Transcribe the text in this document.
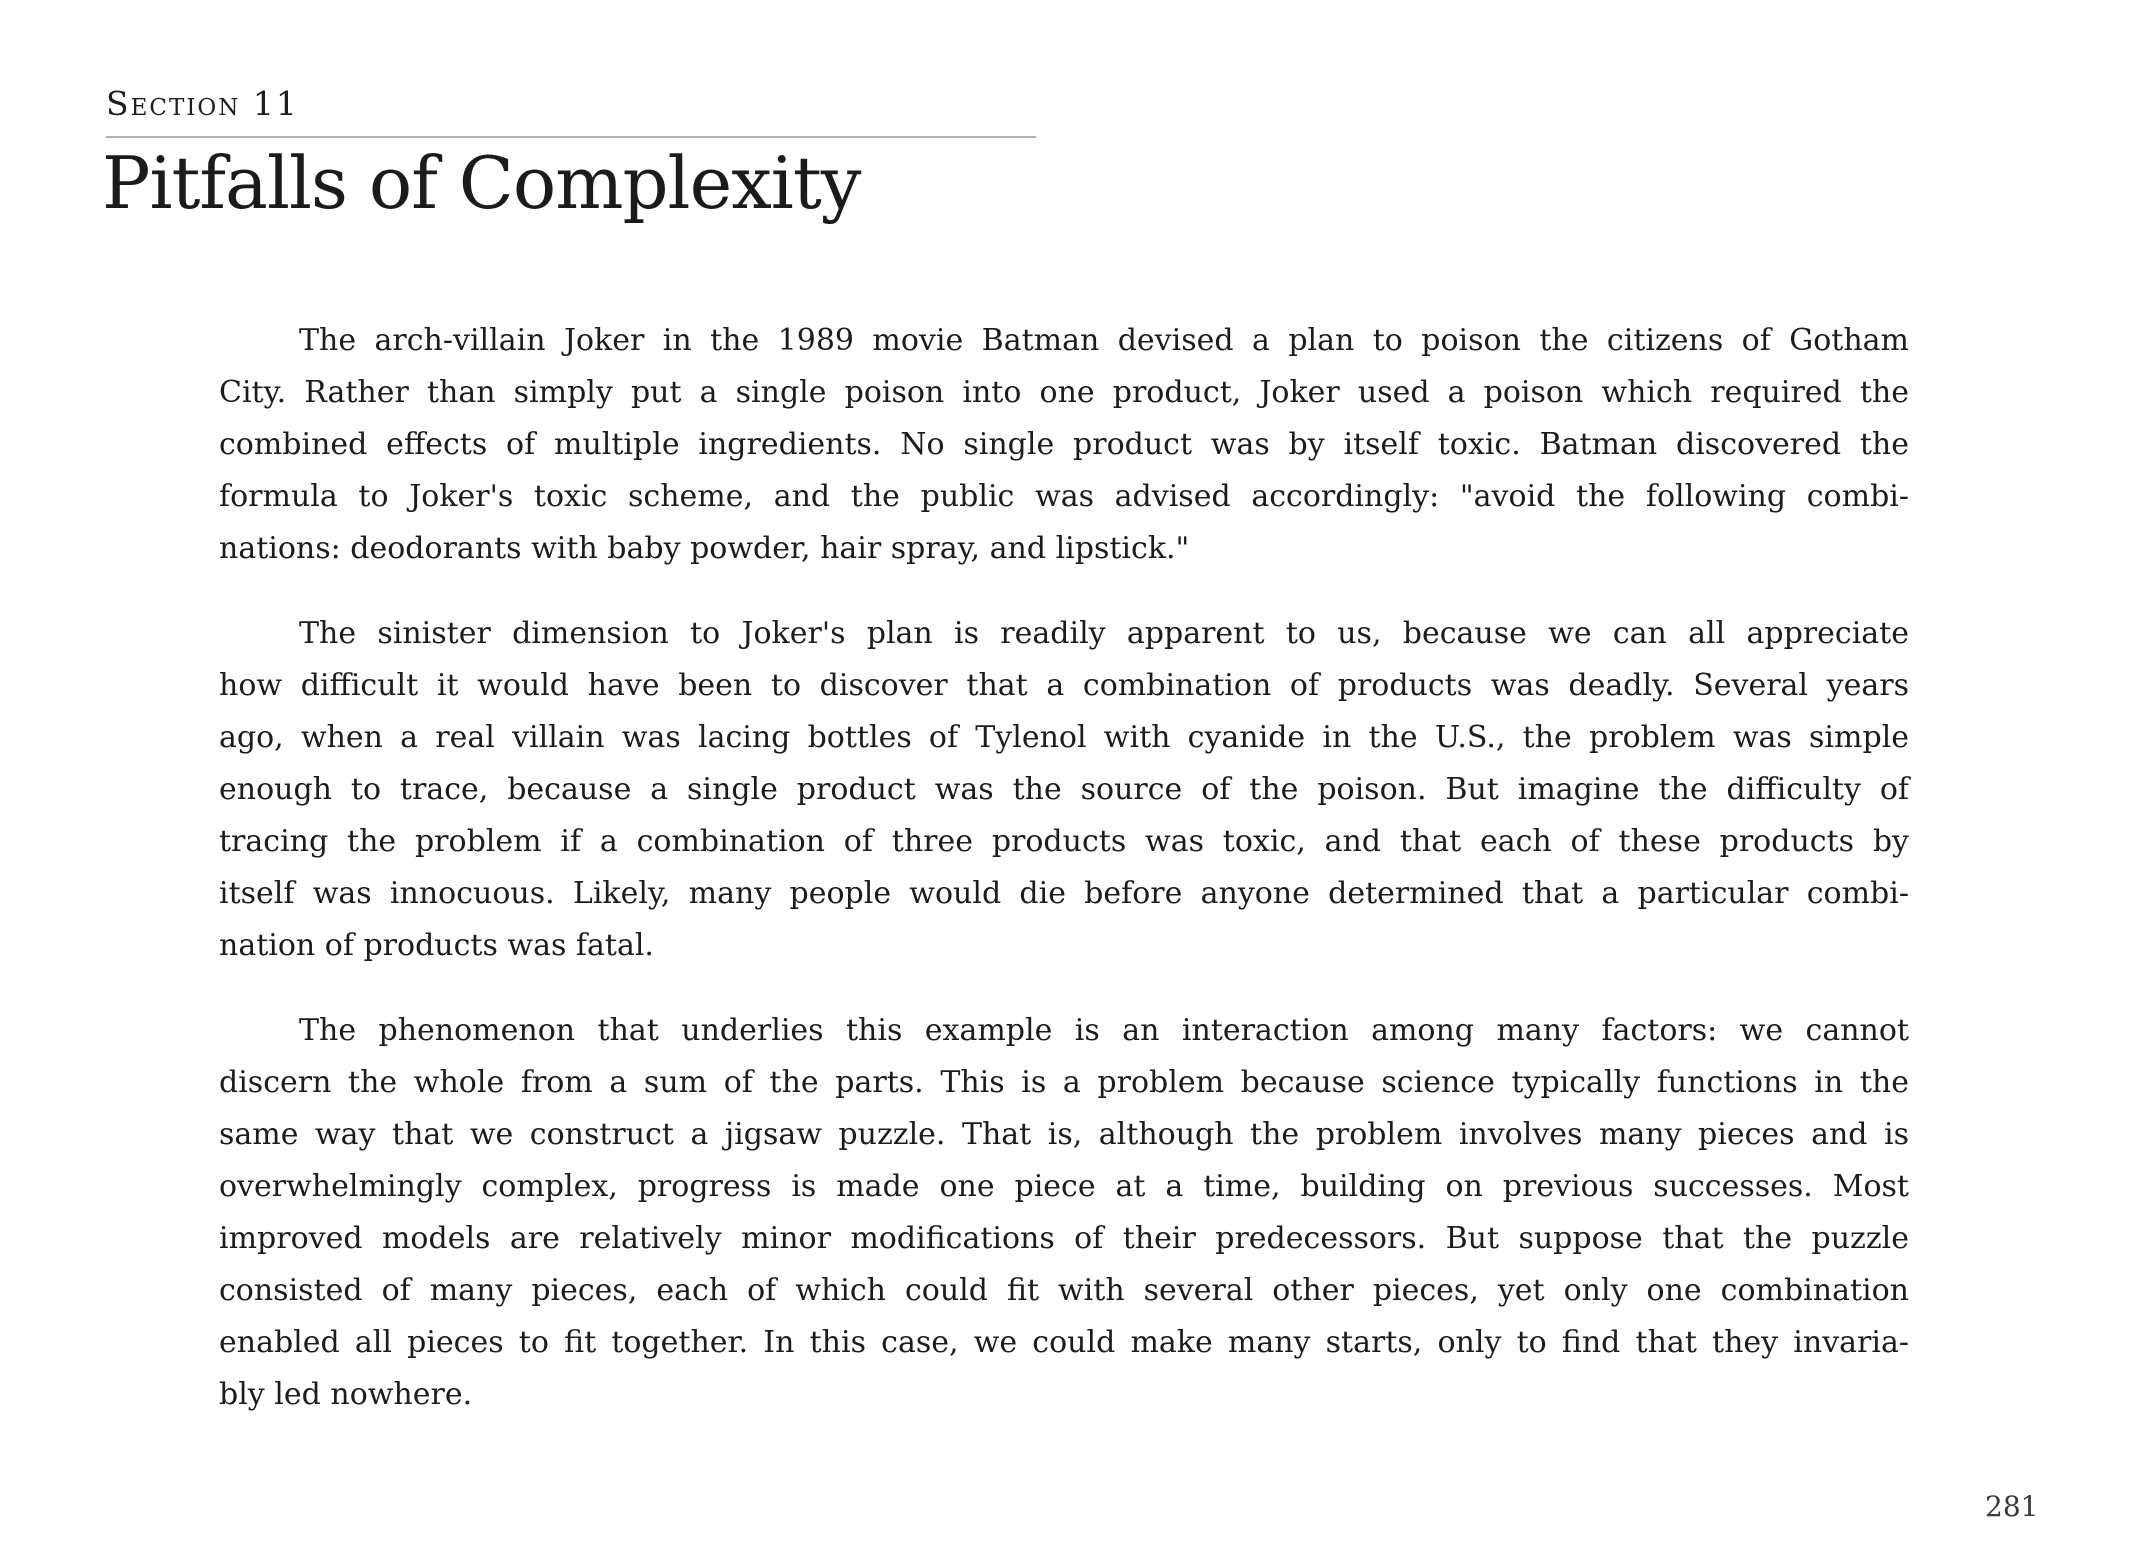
Section 11
Pitfalls of Complexity
The arch-villain Joker in the 1989 movie Batman devised a plan to poison the citizens of Gotham
City. Rather than simply put a single poison into one product, Joker used a poison which required the
combined effects of multiple ingredients. No single product was by itself toxic. Batman discovered the
formula to Joker's toxic scheme, and the public was advised accordingly: "avoid the following combi-
nations: deodorants with baby powder, hair spray, and lipstick."
The sinister dimension to Joker's plan is readily apparent to us, because we can all appreciate
how difficult it would have been to discover that a combination of products was deadly. Several years
ago, when a real villain was lacing bottles of Tylenol with cyanide in the U.S., the problem was simple
enough to trace, because a single product was the source of the poison. But imagine the difficulty of
tracing the problem if a combination of three products was toxic, and that each of these products by
itself was innocuous. Likely, many people would die before anyone determined that a particular combi-
nation of products was fatal.
The phenomenon that underlies this example is an interaction among many factors: we cannot
discern the whole from a sum of the parts. This is a problem because science typically functions in the
same way that we construct a jigsaw puzzle. That is, although the problem involves many pieces and is
overwhelmingly complex, progress is made one piece at a time, building on previous successes. Most
improved models are relatively minor modifications of their predecessors. But suppose that the puzzle
consisted of many pieces, each of which could fit with several other pieces, yet only one combination
enabled all pieces to fit together. In this case, we could make many starts, only to find that they invaria-
bly led nowhere.
281
